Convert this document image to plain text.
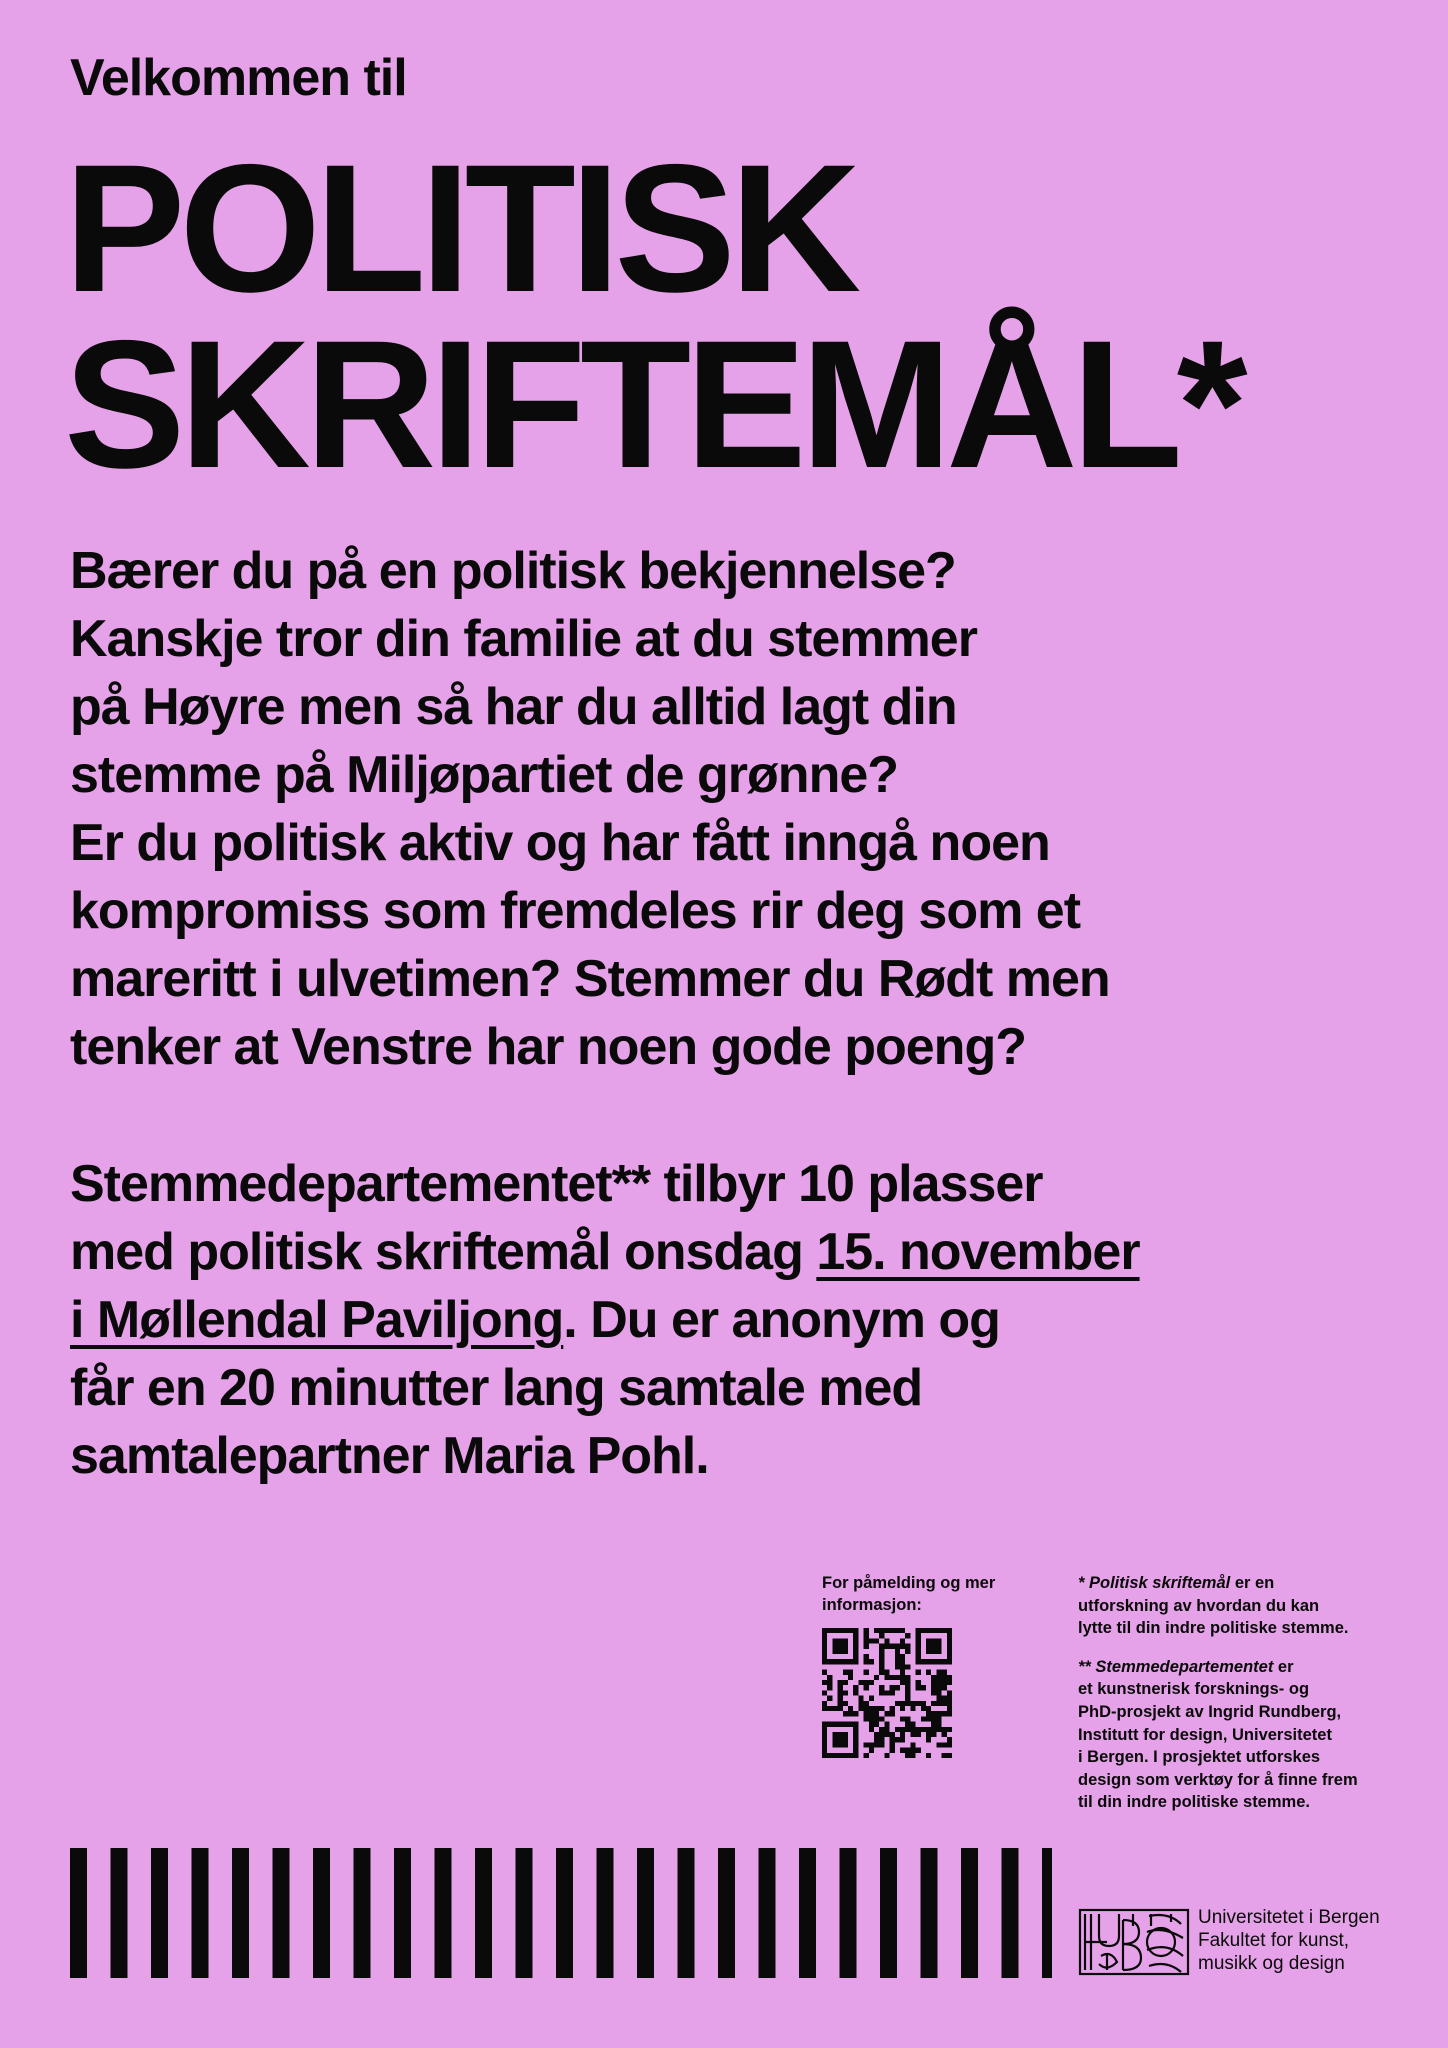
Velkommen til
POLITISK
SKRIFTEMÅL*
Bærer du på en politisk bekjennelse?
Kanskje tror din familie at du stemmer
på Høyre men så har du alltid lagt din
stemme på Miljøpartiet de grønne?
Er du politisk aktiv og har fått inngå noen
kompromiss som fremdeles rir deg som et
mareritt i ulvetimen? Stemmer du Rødt men
tenker at Venstre har noen gode poeng?
Stemmedepartementet** tilbyr 10 plasser
med politisk skriftemål onsdag 15. november
i Møllendal Paviljong. Du er anonym og
får en 20 minutter lang samtale med
samtalepartner Maria Pohl.
For påmelding og mer informasjon:
* Politisk skriftemål er en
utforskning av hvordan du kan
lytte til din indre politiske stemme.
** Stemmedepartementet er
et kunstnerisk forsknings- og
PhD-prosjekt av Ingrid Rundberg,
Institutt for design, Universitetet
i Bergen. I prosjektet utforskes
design som verktøy for å finne frem
til din indre politiske stemme.
Universitetet i Bergen
Fakultet for kunst,
musikk og design
